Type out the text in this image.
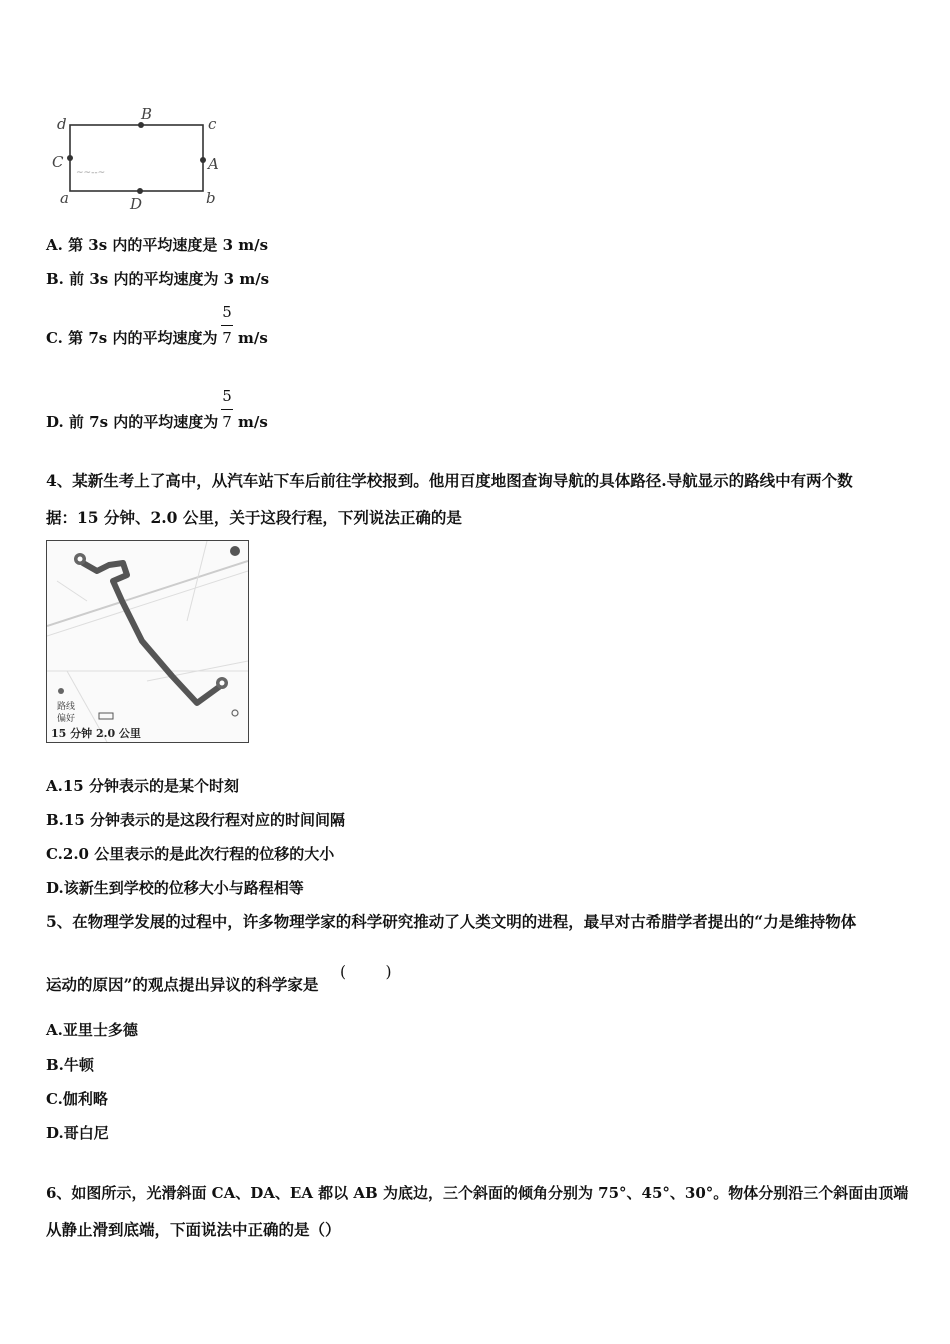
~~--~
d
B
c
C	A
a	D	b
A. 第 3s 内的平均速度是 3 m/s
B. 前 3s 内的平均速度为 3 m/s
C. 第 7s 内的平均速度为
5
7 m/s
D. 前 7s 内的平均速度为
5
7 m/s
4、某新生考上了高中，从汽车站下车后前往学校报到。他用百度地图查询导航的具体路径.导航显示的路线中有两个数
据：15 分钟、2.0 公里，关于这段行程，下列说法正确的是
路线
偏好
15 分钟 2.0 公里
A.15 分钟表示的是某个时刻
B.15 分钟表示的是这段行程对应的时间间隔
C.2.0 公里表示的是此次行程的位移的大小
D.该新生到学校的位移大小与路程相等
5、在物理学发展的过程中，许多物理学家的科学研究推动了人类文明的进程，最早对古希腊学者提出的“力是维持物体
运动的原因”的观点提出异议的科学家是
(        )
A.亚里士多德
B.牛顿
C.伽利略
D.哥白尼
6、如图所示，光滑斜面 CA、DA、EA 都以 AB 为底边，三个斜面的倾角分别为 75°、45°、30°。物体分别沿三个斜面由顶端
从静止滑到底端，下面说法中正确的是（）
